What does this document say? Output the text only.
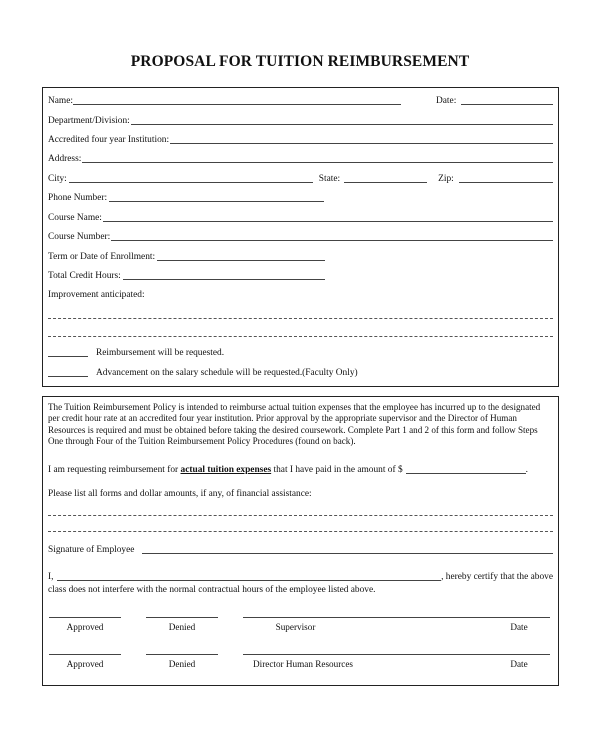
PROPOSAL FOR TUITION REIMBURSEMENT
Name:	Date:
Department/Division:
Accredited four year Institution:
Address:
City:	State:	Zip:
Phone Number:
Course Name:
Course Number:
Term or Date of Enrollment:
Total Credit Hours:
Improvement anticipated:
Reimbursement will be requested.
Advancement on the salary schedule will be requested.(Faculty Only)
The Tuition Reimbursement Policy is intended to reimburse actual tuition expenses that the employee has incurred up to the designated per credit hour rate at an accredited four year institution. Prior approval by the appropriate supervisor and the Director of Human Resources is required and must be obtained before taking the desired coursework. Complete Part 1 and 2 of this form and follow Steps One through Four of the Tuition Reimbursement Policy Procedures (found on back).
I am requesting reimbursement for actual tuition expenses that I have paid in the amount of $	.
Please list all forms and dollar amounts, if any, of financial assistance:
Signature of Employee
I,	, hereby certify that the above
class does not interfere with the normal contractual hours of the employee listed above.
Approved	Denied	Supervisor	Date
Approved	Denied	Director Human Resources	Date
